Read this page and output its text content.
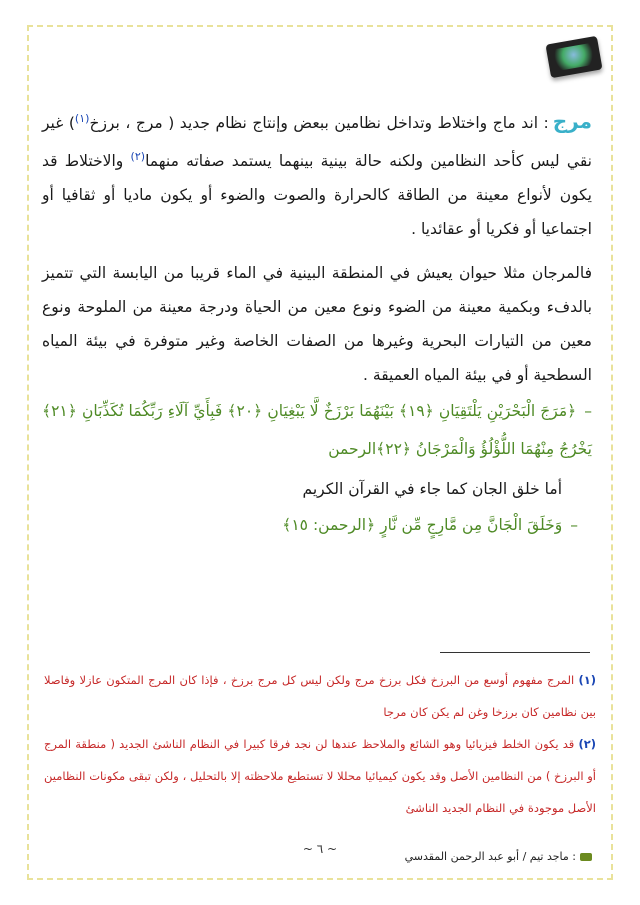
مرج: اند ماج واختلاط وتداخل نظامين ببعض وإنتاج نظام جديد ( مرج ، برزخ$^{(١)}$) غير نقي ليس كأحد النظامين ولكنه حالة بينية بينهما يستمد صفاته منهما$^{(٢)}$ والاختلاط قد يكون لأنواع معينة من الطاقة كالحرارة والصوت والضوء أو يكون ماديا أو ثقافيا أو اجتماعيا أو فكريا أو عقائديا .

فالمرجان مثلا حيوان يعيش في المنطقة البينية في الماء قريبا من اليابسة التي تتميز بالدفء وبكمية معينة من الضوء ونوع معين من الحياة ودرجة معينة من الملوحة ونوع معين من التيارات البحرية وغيرها من الصفات الخاصة وغير متوفرة في بيئة المياه السطحية أو في بيئة المياه العميقة .

–﴿مَرَجَ الْبَحْرَيْنِ يَلْتَقِيَانِ ﴿١٩﴾ بَيْنَهُمَا بَرْزَخٌ لَّا يَبْغِيَانِ ﴿٢٠﴾ فَبِأَيِّ آلَاءِ رَبِّكُمَا تُكَذِّبَانِ ﴿٢١﴾ يَخْرُجُ مِنْهُمَا اللُّؤْلُؤُ وَالْمَرْجَانُ ﴿٢٢﴾الرحمن

أما خلق الجان كما جاء في القرآن الكريم

–وَخَلَقَ الْجَانَّ مِن مَّارِجٍ مِّن نَّارٍ ﴿الرحمن: ١٥﴾

(١) المرج مفهوم أوسع من البرزخ فكل برزخ مرج ولكن ليس كل مرج برزخ ، فإذا كان المرج المتكون عازلا وفاصلا بين نظامين كان برزخا وغن لم يكن كان مرجا
(٢) قد يكون الخلط فيزيائيا وهو الشائع والملاحظ عندها لن نجد فرقا كبيرا في النظام الناشئ الجديد ( منطقة المرج أو البرزخ ) من النظامين الأصل وقد يكون كيميائيا محللا لا تستطيع ملاحظته إلا بالتحليل ، ولكن تبقى مكونات النظامين الأصل موجودة في النظام الجديد الناشئ
~ ٦ ~
: ماجد تيم / أبو عبد الرحمن المقدسي
